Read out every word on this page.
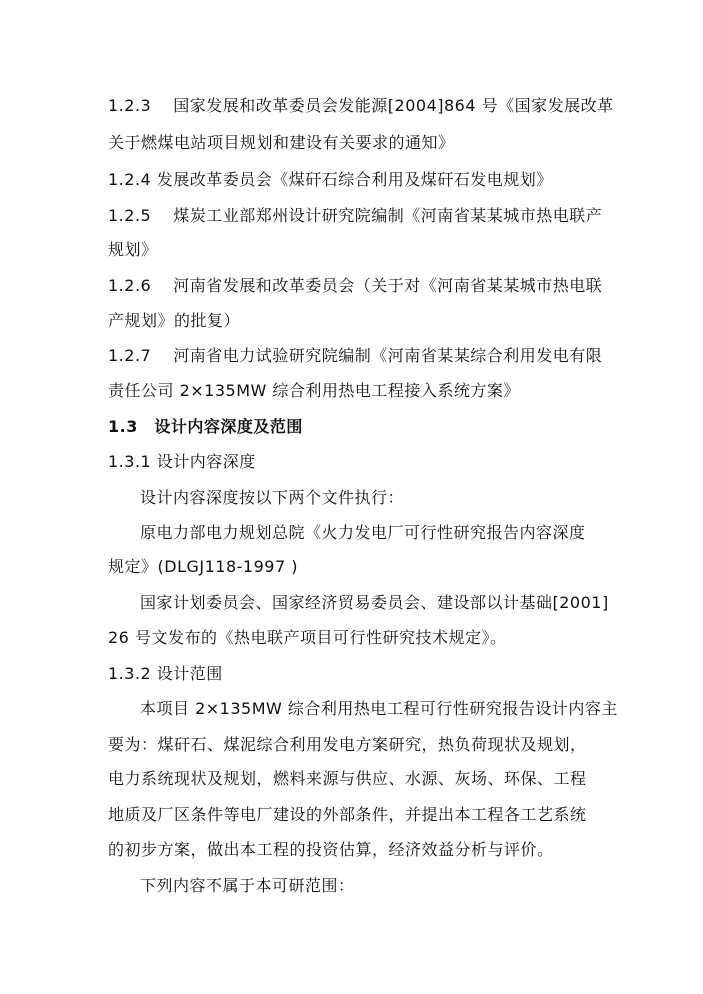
1.2.3　 国家发展和改革委员会发能源[2004]864 号《国家发展改革
关于燃煤电站项目规划和建设有关要求的通知》
1.2.4 发展改革委员会《煤矸石综合利用及煤矸石发电规划》
1.2.5　 煤炭工业部郑州设计研究院编制《河南省某某城市热电联产
规划》
1.2.6　 河南省发展和改革委员会（关于对《河南省某某城市热电联
产规划》的批复）
1.2.7　 河南省电力试验研究院编制《河南省某某综合利用发电有限
责任公司 2×135MW 综合利用热电工程接入系统方案》
1.3　设计内容深度及范围
1.3.1 设计内容深度
设计内容深度按以下两个文件执行：
原电力部电力规划总院《火力发电厂可行性研究报告内容深度
规定》(DLGJ118-1997 )
国家计划委员会、国家经济贸易委员会、建设部以计基础[2001]
26 号文发布的《热电联产项目可行性研究技术规定》。
1.3.2 设计范围
本项目 2×135MW 综合利用热电工程可行性研究报告设计内容主
要为：煤矸石、煤泥综合利用发电方案研究，热负荷现状及规划，
电力系统现状及规划，燃料来源与供应、水源、灰场、环保、工程
地质及厂区条件等电厂建设的外部条件，并提出本工程各工艺系统
的初步方案，做出本工程的投资估算，经济效益分析与评价。
下列内容不属于本可研范围：
